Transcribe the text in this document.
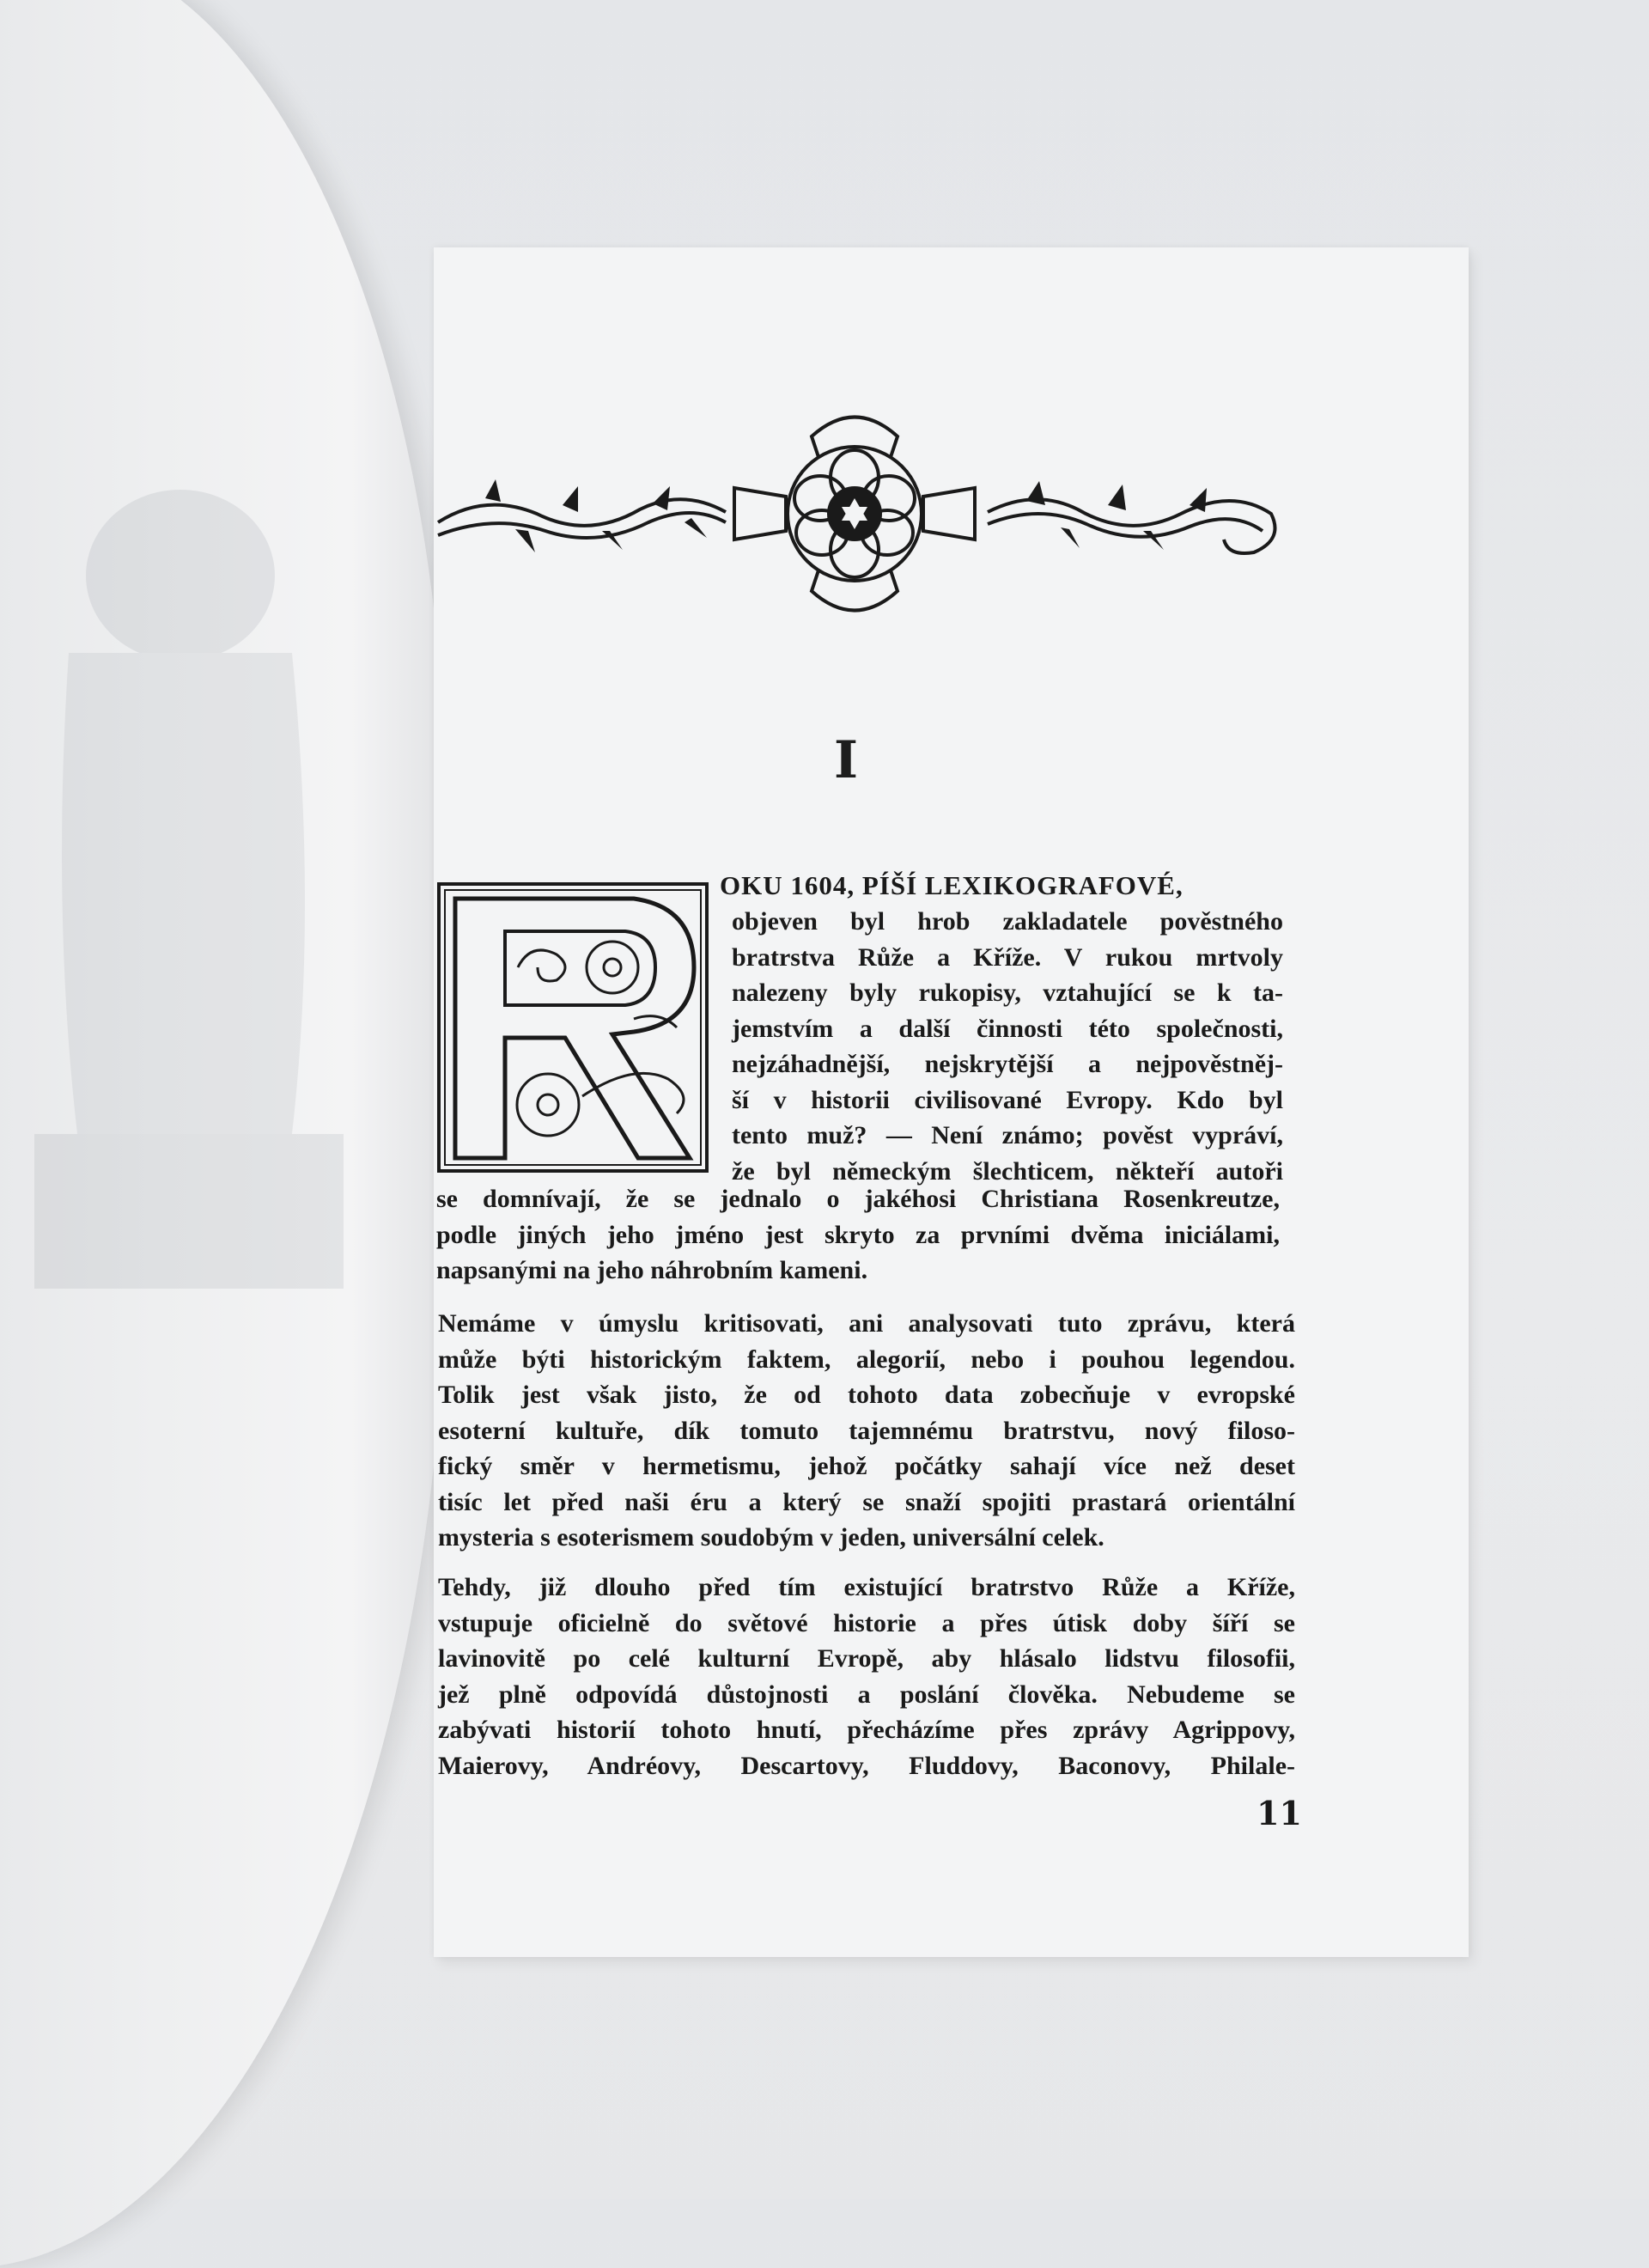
I
OKU 1604, PÍŠÍ LEXIKOGRAFOVÉ,
objeven byl hrob zakladatele pověstného
bratrstva Růže a Kříže. V rukou mrtvoly
nalezeny byly rukopisy, vztahující se k ta-
jemstvím a další činnosti této společnosti,
nejzáhadnější, nejskrytější a nejpověstněj-
ší v historii civilisované Evropy. Kdo byl
tento muž? — Není známo; pověst vypráví,
že byl německým šlechticem, někteří autoři
se domnívají, že se jednalo o jakéhosi Christiana Rosenkreutze,
podle jiných jeho jméno jest skryto za prvními dvěma iniciálami,
napsanými na jeho náhrobním kameni.
Nemáme v úmyslu kritisovati, ani analysovati tuto zprávu, která
může býti historickým faktem, alegorií, nebo i pouhou legendou.
Tolik jest však jisto, že od tohoto data zobecňuje v evropské
esoterní kultuře, dík tomuto tajemnému bratrstvu, nový filoso-
fický směr v hermetismu, jehož počátky sahají více než deset
tisíc let před naši éru a který se snaží spojiti prastará orientální
mysteria s esoterismem soudobým v jeden, universální celek.
Tehdy, již dlouho před tím existující bratrstvo Růže a Kříže,
vstupuje oficielně do světové historie a přes útisk doby šíří se
lavinovitě po celé kulturní Evropě, aby hlásalo lidstvu filosofii,
jež plně odpovídá důstojnosti a poslání člověka. Nebudeme se
zabývati historií tohoto hnutí, přecházíme přes zprávy Agrippovy,
Maierovy, Andréovy, Descartovy, Fluddovy, Baconovy, Philale-
11
